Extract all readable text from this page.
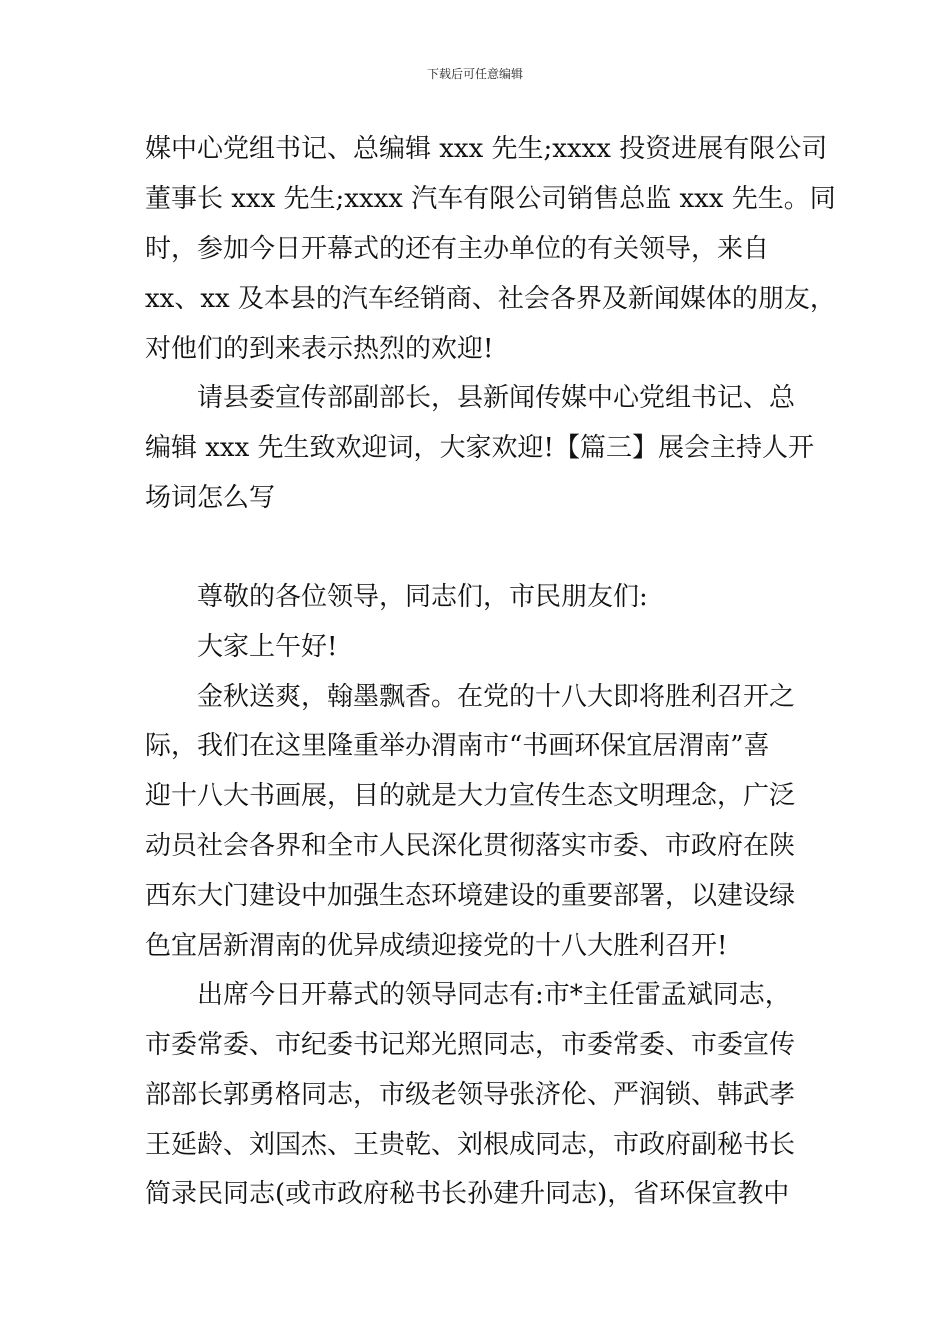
下载后可任意编辑
媒中心党组书记、总编辑 xxx 先生;xxxx 投资进展有限公司
董事长 xxx 先生;xxxx 汽车有限公司销售总监 xxx 先生。同
时，参加今日开幕式的还有主办单位的有关领导，来自
xx、xx 及本县的汽车经销商、社会各界及新闻媒体的朋友，
对他们的到来表示热烈的欢迎!
请县委宣传部副部长，县新闻传媒中心党组书记、总
编辑 xxx 先生致欢迎词，大家欢迎!【篇三】展会主持人开
场词怎么写
尊敬的各位领导，同志们，市民朋友们:
大家上午好!
金秋送爽，翰墨飘香。在党的十八大即将胜利召开之
际，我们在这里隆重举办渭南市“书画环保宜居渭南”喜
迎十八大书画展，目的就是大力宣传生态文明理念，广泛
动员社会各界和全市人民深化贯彻落实市委、市政府在陕
西东大门建设中加强生态环境建设的重要部署，以建设绿
色宜居新渭南的优异成绩迎接党的十八大胜利召开!
出席今日开幕式的领导同志有:市*主任雷孟斌同志，
市委常委、市纪委书记郑光照同志，市委常委、市委宣传
部部长郭勇格同志，市级老领导张济伦、严润锁、韩武孝
王延龄、刘国杰、王贵乾、刘根成同志，市政府副秘书长
简录民同志(或市政府秘书长孙建升同志)，省环保宣教中
